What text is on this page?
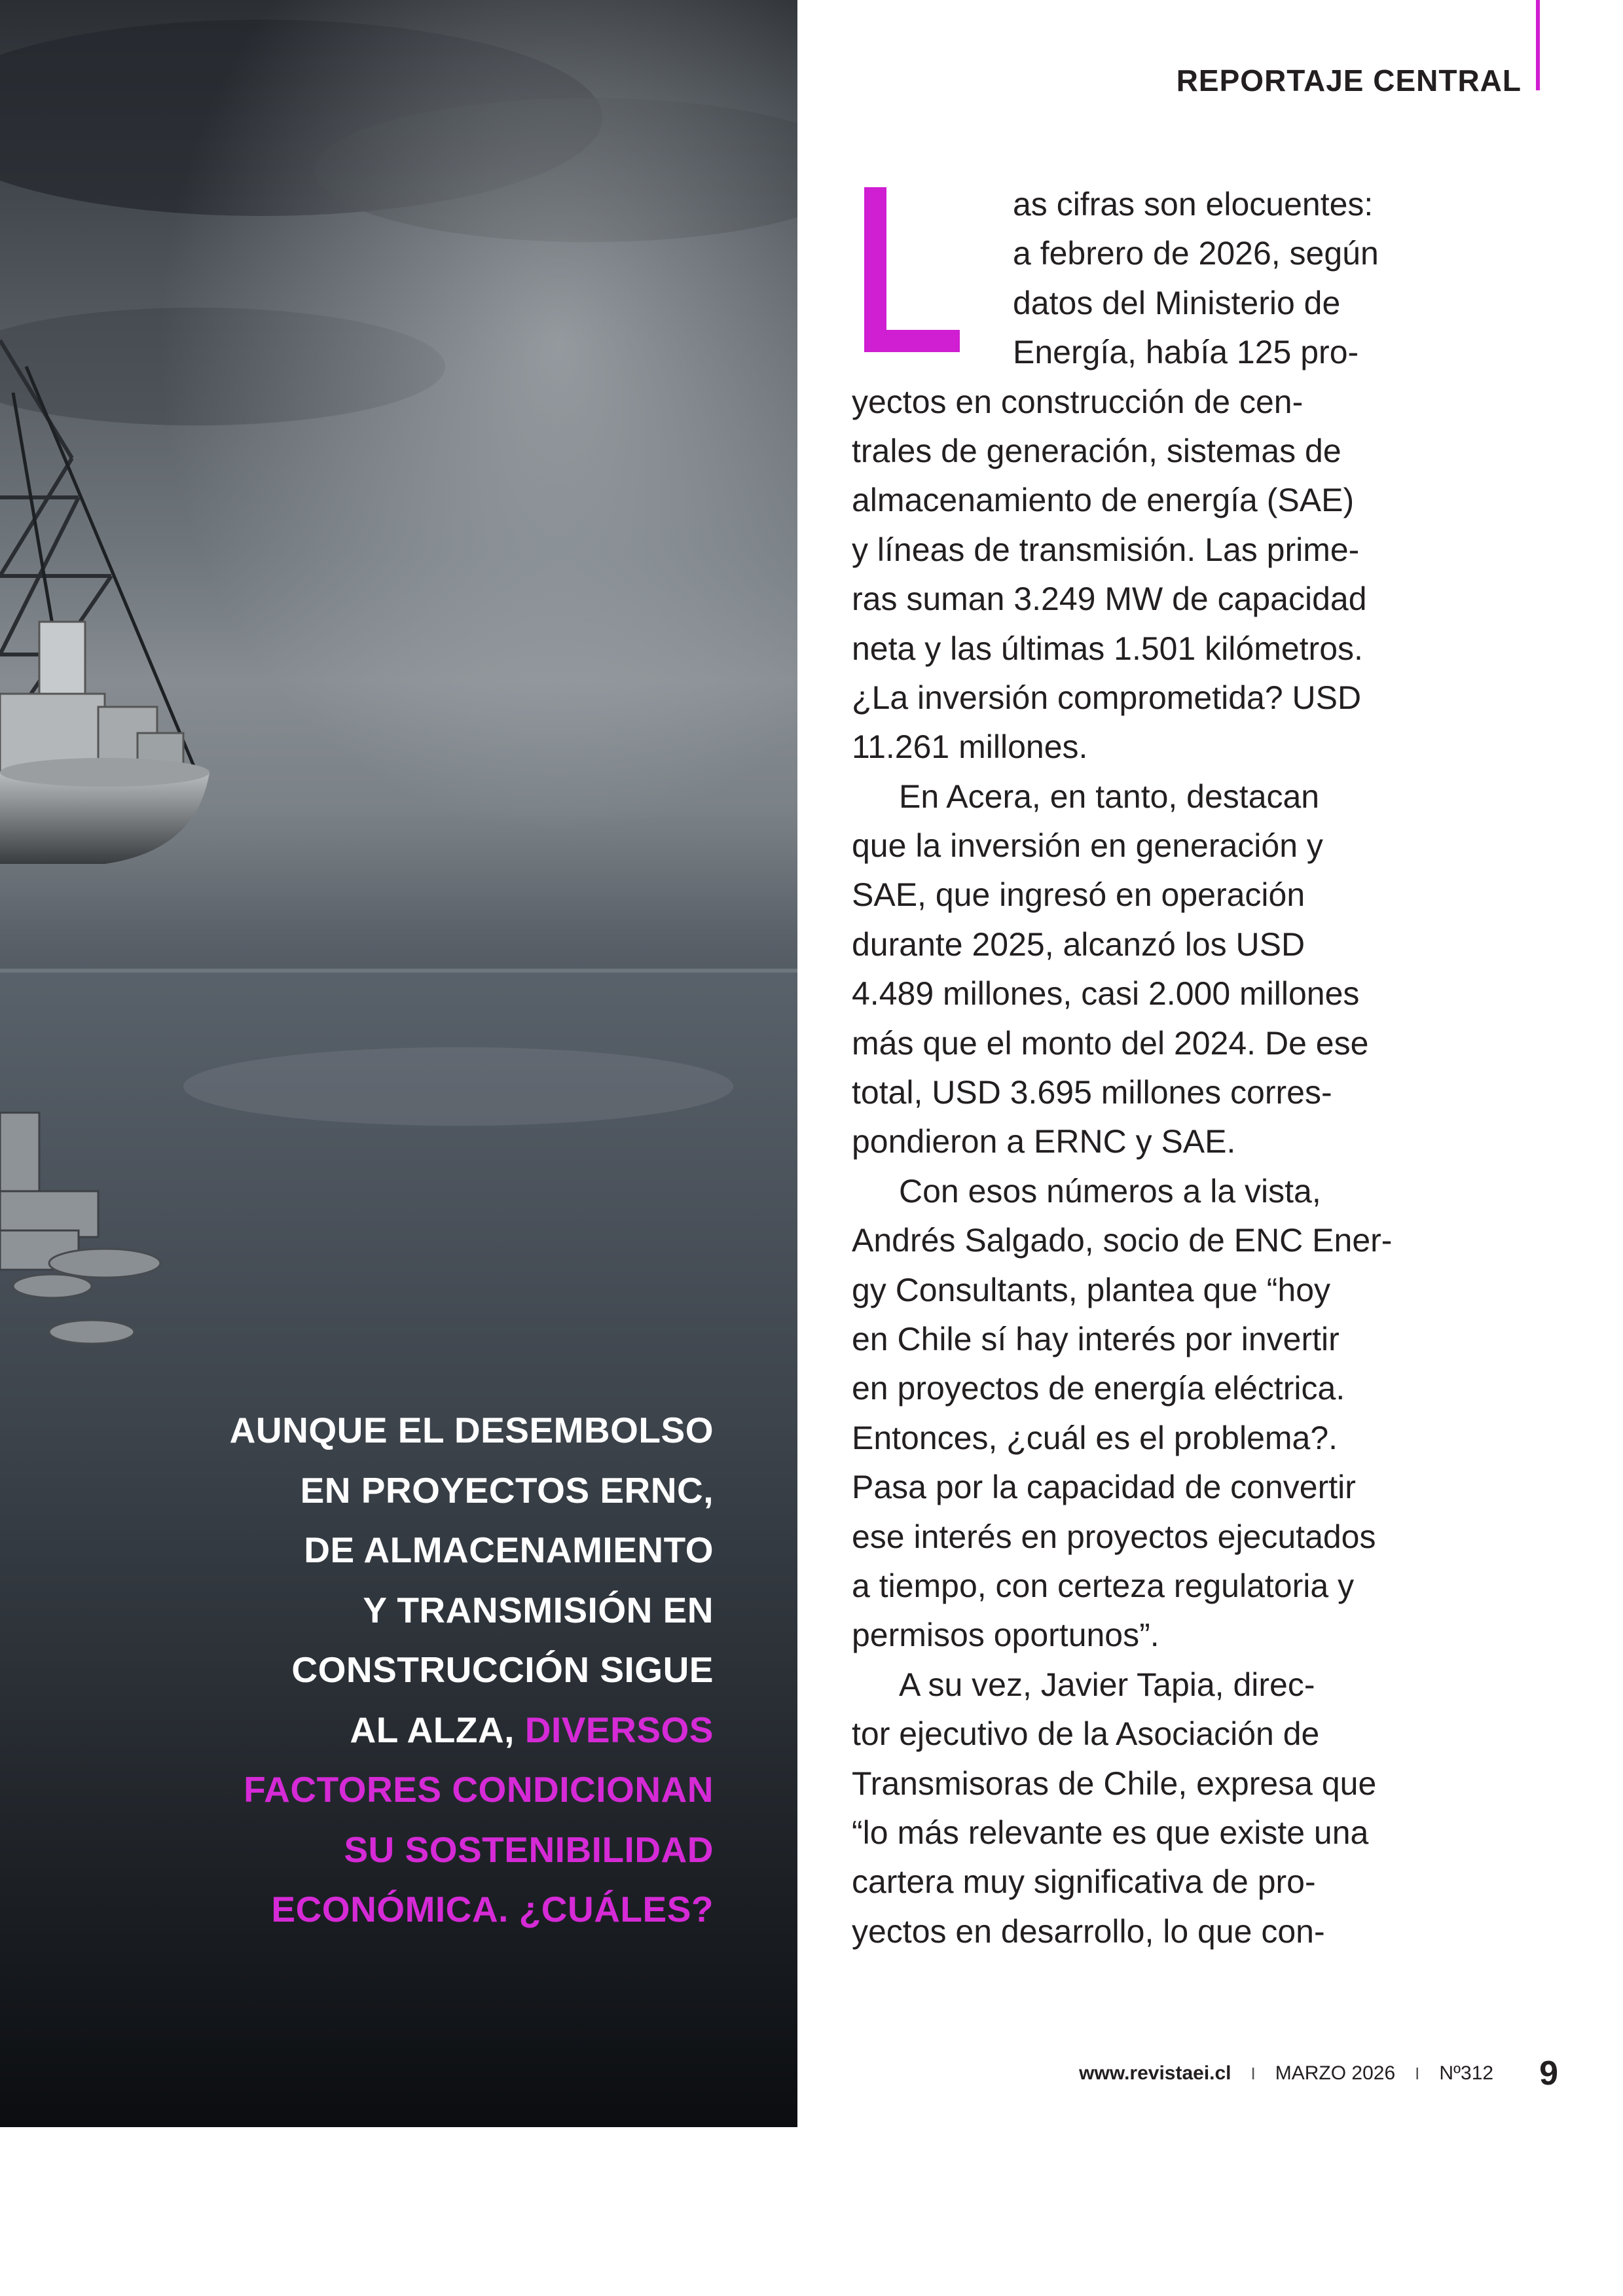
REPORTAJE CENTRAL
as cifras son elocuentes:
a febrero de 2026, según
datos del Ministerio de
Energía, había 125 pro-
yectos en construcción de cen-
trales de generación, sistemas de
almacenamiento de energía (SAE)
y líneas de transmisión. Las prime-
ras suman 3.249 MW de capacidad
neta y las últimas 1.501 kilómetros.
¿La inversión comprometida? USD
11.261 millones.
En Acera, en tanto, destacan
que la inversión en generación y
SAE, que ingresó en operación
durante 2025, alcanzó los USD
4.489 millones, casi 2.000 millones
más que el monto del 2024. De ese
total, USD 3.695 millones corres-
pondieron a ERNC y SAE.
Con esos números a la vista,
Andrés Salgado, socio de ENC Ener-
gy Consultants, plantea que “hoy
en Chile sí hay interés por invertir
en proyectos de energía eléctrica.
Entonces, ¿cuál es el problema?.
Pasa por la capacidad de convertir
ese interés en proyectos ejecutados
a tiempo, con certeza regulatoria y
permisos oportunos”.
A su vez, Javier Tapia, direc-
tor ejecutivo de la Asociación de
Transmisoras de Chile, expresa que
“lo más relevante es que existe una
cartera muy significativa de pro-
yectos en desarrollo, lo que con-
AUNQUE EL DESEMBOLSO
EN PROYECTOS ERNC,
DE ALMACENAMIENTO
Y TRANSMISIÓN EN
CONSTRUCCIÓN SIGUE
AL ALZA, DIVERSOS
FACTORES CONDICIONAN
SU SOSTENIBILIDAD
ECONÓMICA. ¿CUÁLES?
www.revistaei.cl I MARZO 2026 I Nº312 9
